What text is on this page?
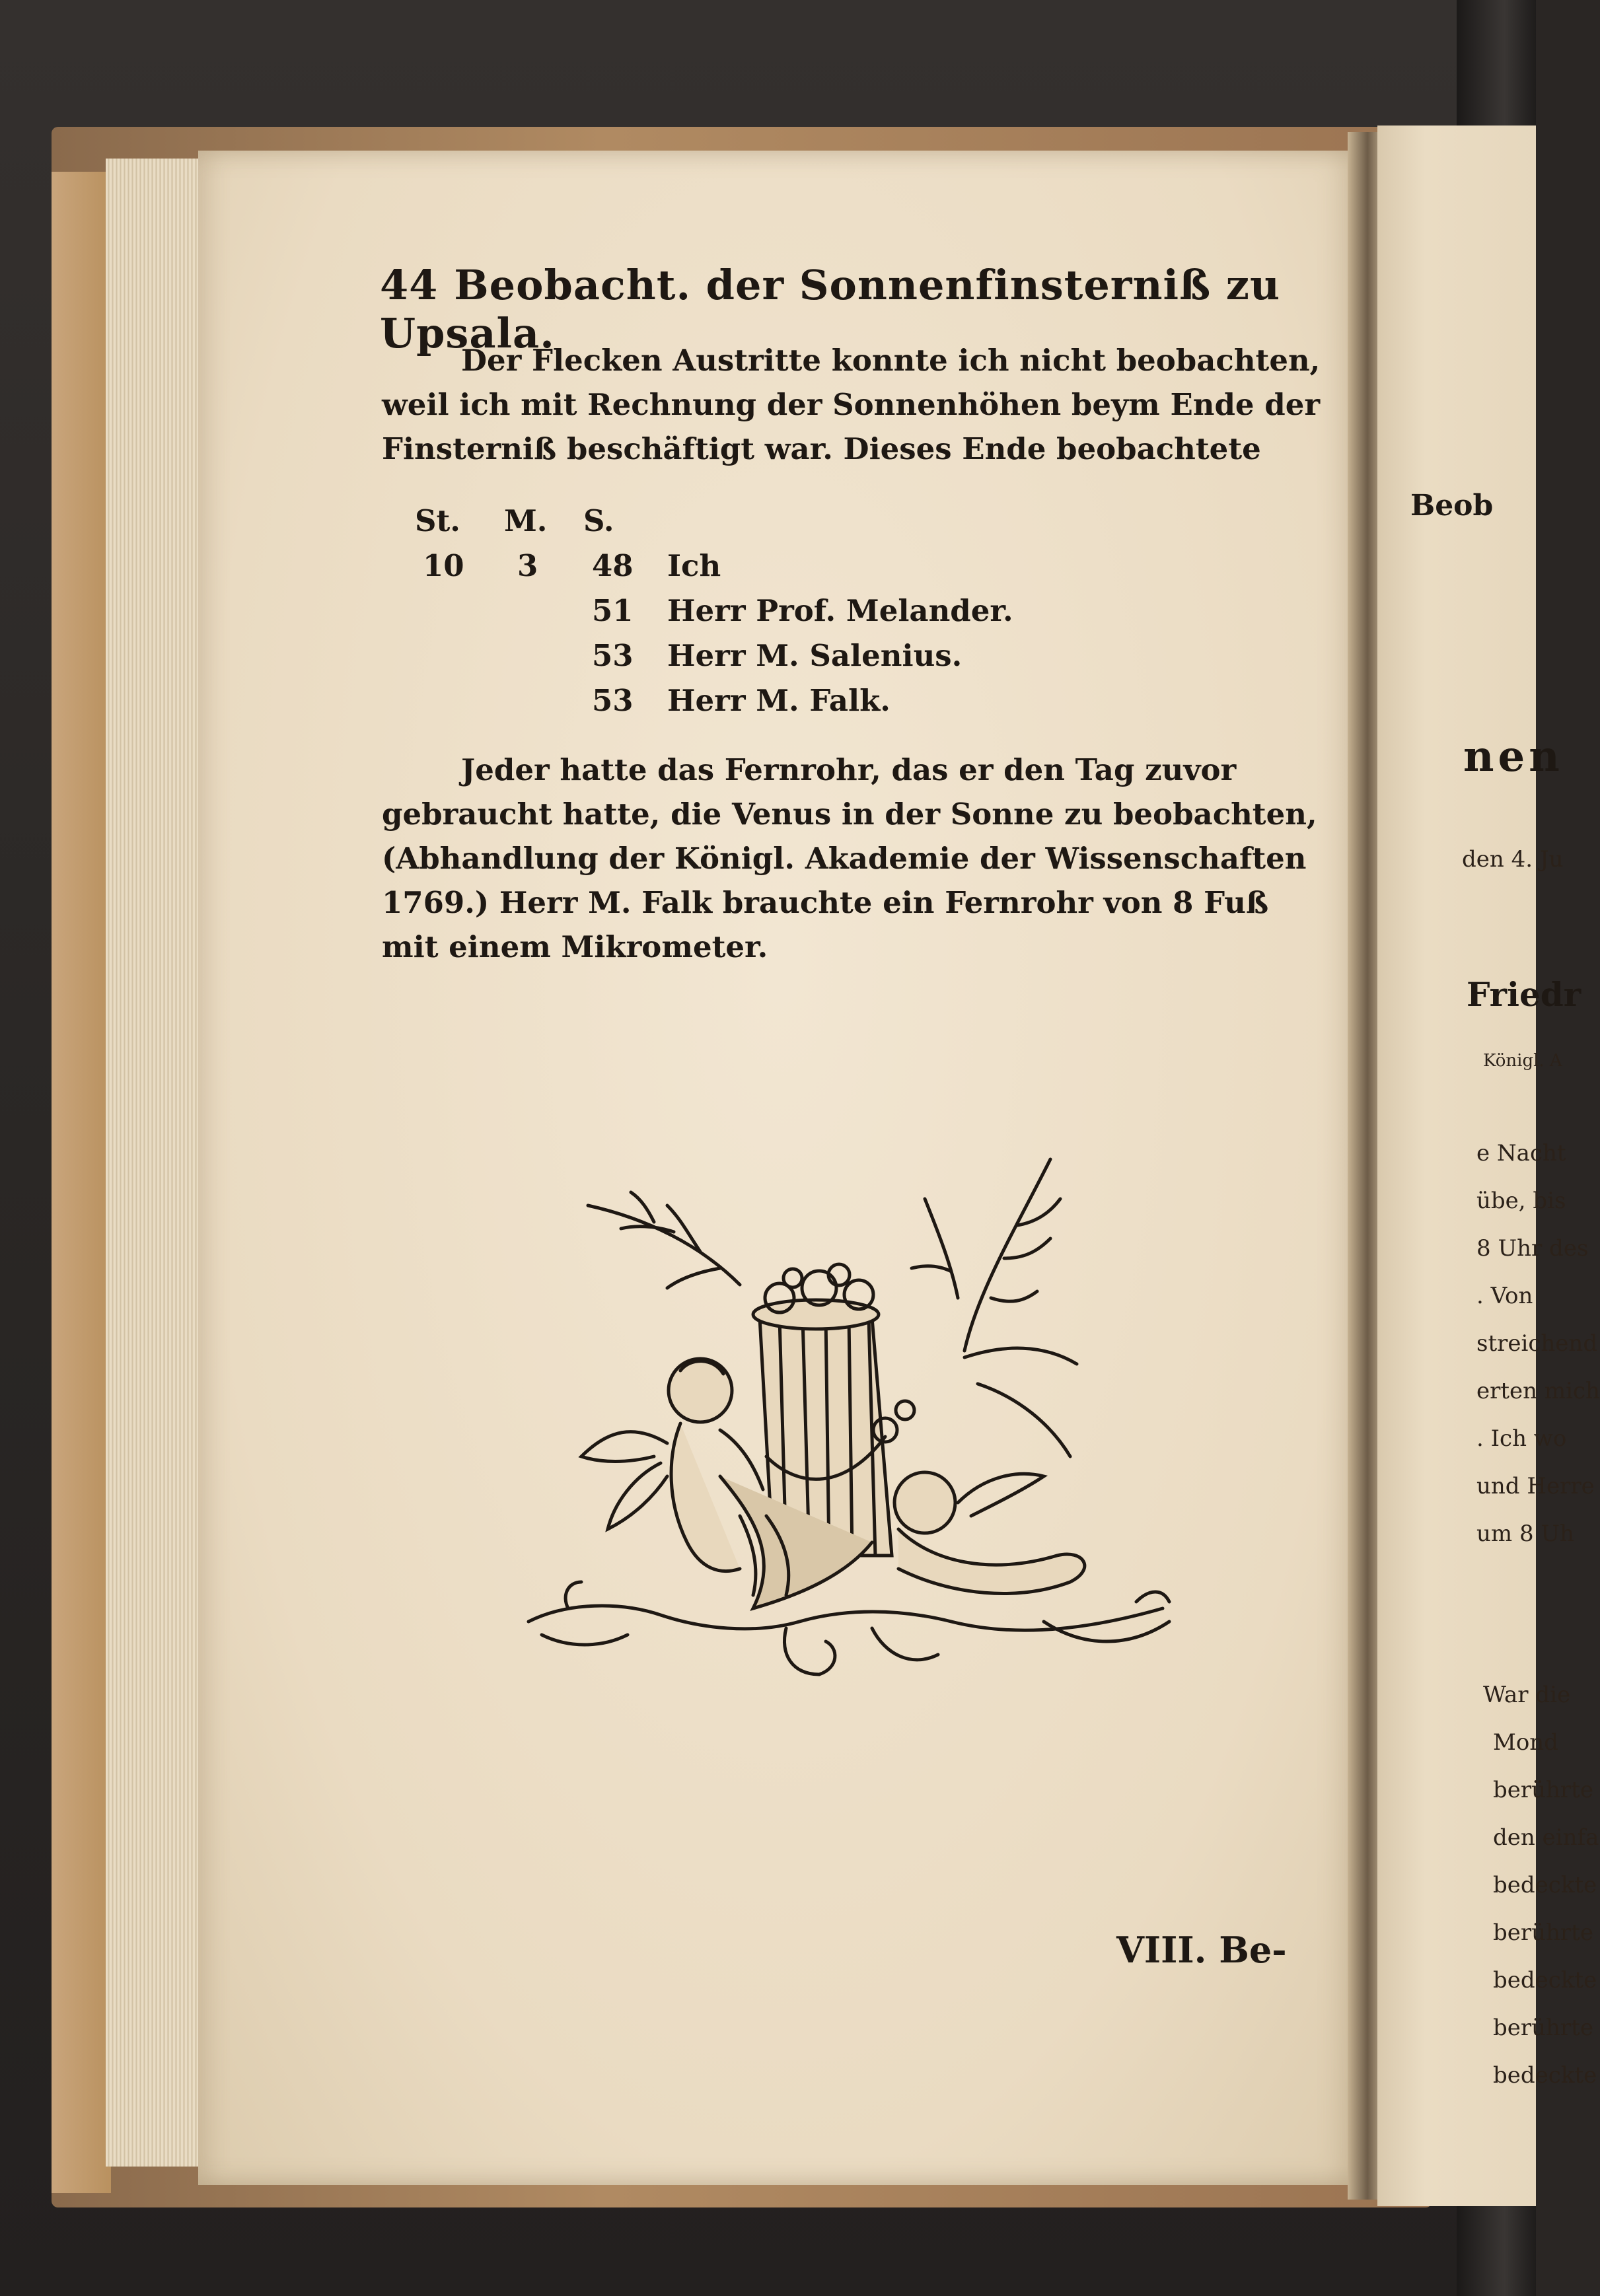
Beob
nen
den 4. Ju
Friedr
Königl. A
e Nacht
übe, bis
8 Uhr des
. Von
streichend
erten mich
. Ich wo
und Herre
um 8 Uh
War die
Mond
berührte
den einfa
bedeckte
berührte
bedeckte
berührte
bedeckte
44 Beobacht. der Sonnenfinsterniß zu Upsala.
Der Flecken Austritte konnte ich nicht beobachten,
weil ich mit Rechnung der Sonnenhöhen beym Ende der
Finsterniß beschäftigt war. Dieses Ende beobachtete
St. M. S.
10 3 48 Ich
51 Herr Prof. Melander.
53 Herr M. Salenius.
53 Herr M. Falk.
Jeder hatte das Fernrohr, das er den Tag zuvor
gebraucht hatte, die Venus in der Sonne zu beobachten,
(Abhandlung der Königl. Akademie der Wissenschaften
1769.) Herr M. Falk brauchte ein Fernrohr von 8 Fuß
mit einem Mikrometer.
VIII. Be-
